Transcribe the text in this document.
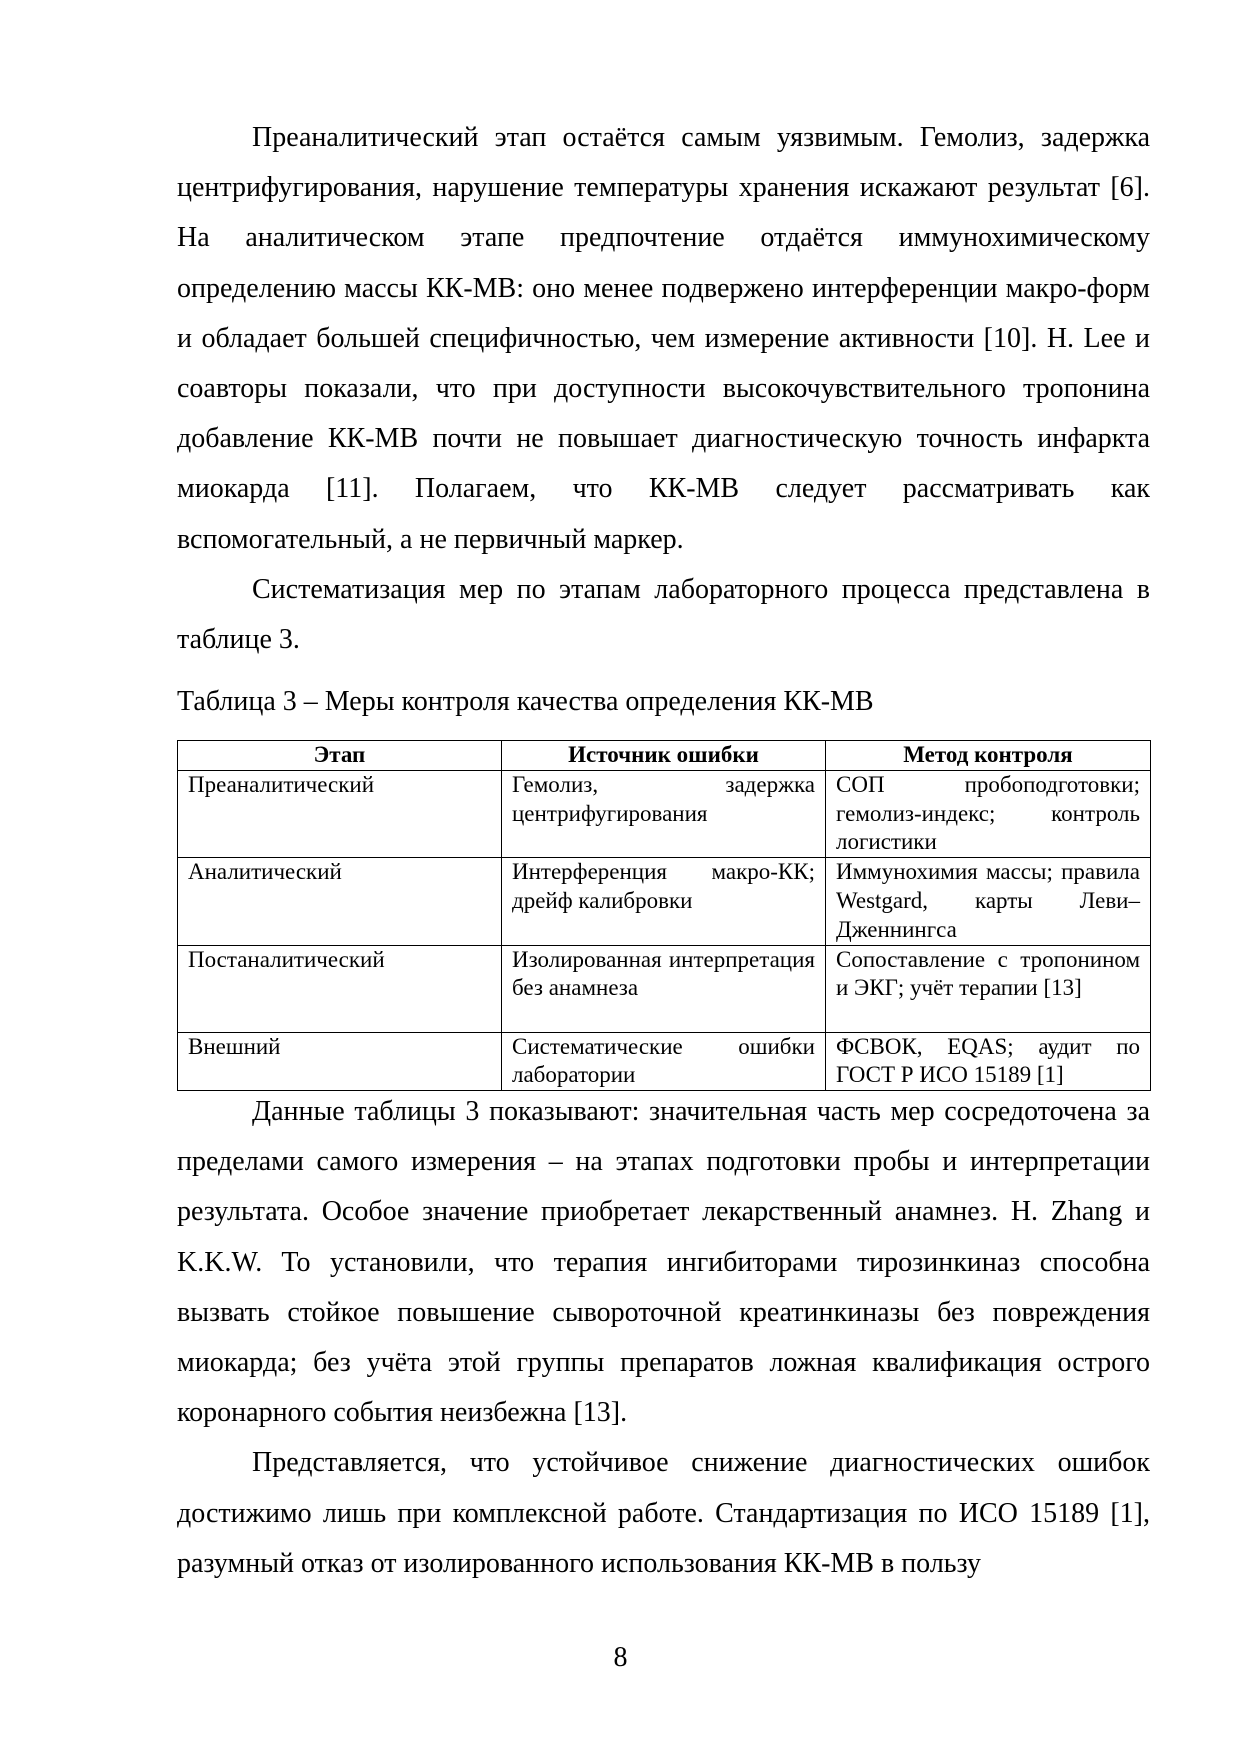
Преаналитический этап остаётся самым уязвимым. Гемолиз, задержка центрифугирования, нарушение температуры хранения искажают результат [6]. На аналитическом этапе предпочтение отдаётся иммунохимическому определению массы КК-МВ: оно менее подвержено интерференции макро-форм и обладает большей специфичностью, чем измерение активности [10]. H. Lee и соавторы показали, что при доступности высокочувствительного тропонина добавление КК-МВ почти не повышает диагностическую точность инфаркта миокарда [11]. Полагаем, что КК-МВ следует рассматривать как вспомогательный, а не первичный маркер.

Систематизация мер по этапам лабораторного процесса представлена в таблице 3.

Таблица 3 – Меры контроля качества определения КК-МВ

Этап	Источник ошибки	Метод контроля
Преаналитический	Гемолиз, задержка центрифугирования	СОП пробоподготовки; гемолиз-индекс; контроль логистики
Аналитический	Интерференция макро-КК; дрейф калибровки	Иммунохимия массы; правила Westgard, карты Леви–Дженнингса
Постаналитический	Изолированная интерпретация без анамнеза	Сопоставление с тропонином и ЭКГ; учёт терапии [13]
Внешний	Систематические ошибки лаборатории	ФСВОК, EQAS; аудит по ГОСТ Р ИСО 15189 [1]

Данные таблицы 3 показывают: значительная часть мер сосредоточена за пределами самого измерения – на этапах подготовки пробы и интерпретации результата. Особое значение приобретает лекарственный анамнез. H. Zhang и K.K.W. To установили, что терапия ингибиторами тирозинкиназ способна вызвать стойкое повышение сывороточной креатинкиназы без повреждения миокарда; без учёта этой группы препаратов ложная квалификация острого коронарного события неизбежна [13].

Представляется, что устойчивое снижение диагностических ошибок достижимо лишь при комплексной работе. Стандартизация по ИСО 15189 [1], разумный отказ от изолированного использования КК-МВ в пользу

8
